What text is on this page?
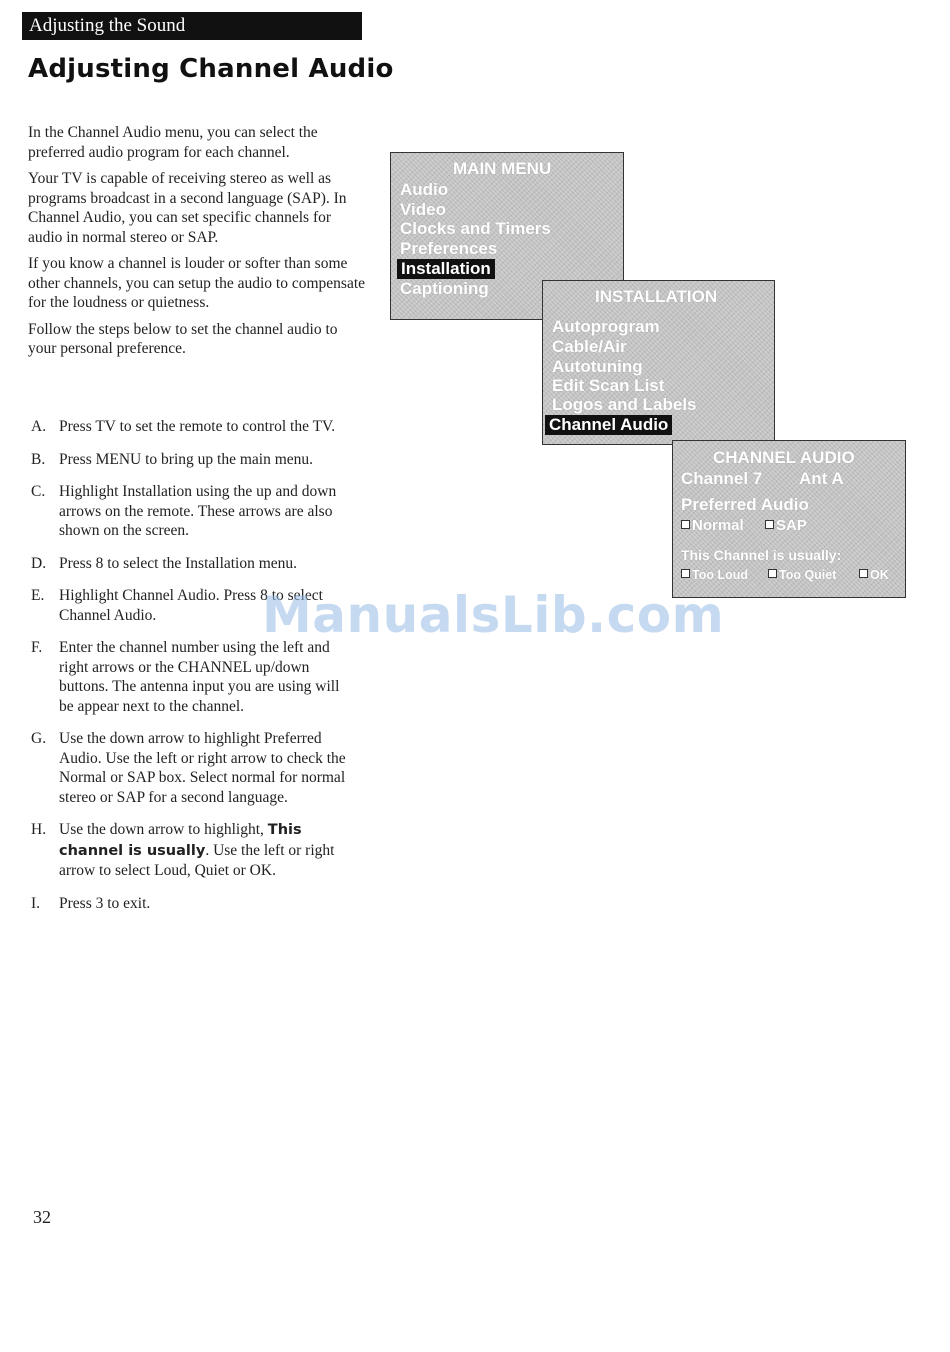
Adjusting the Sound
Adjusting Channel Audio

In the Channel Audio menu, you can select the preferred audio program for each channel.

Your TV is capable of receiving stereo as well as programs broadcast in a second language (SAP). In Channel Audio, you can set specific channels for audio in normal stereo or SAP.

If you know a channel is louder or softer than some other channels, you can setup the audio to compensate for the loudness or quietness.

Follow the steps below to set the channel audio to your personal preference.

A. Press TV to set the remote to control the TV.
B. Press MENU to bring up the main menu.
C. Highlight Installation using the up and down arrows on the remote. These arrows are also shown on the screen.
D. Press 8 to select the Installation menu.
E. Highlight Channel Audio. Press 8 to select Channel Audio.
F. Enter the channel number using the left and right arrows or the CHANNEL up/down buttons. The antenna input you are using will be appear next to the channel.
G. Use the down arrow to highlight Preferred Audio. Use the left or right arrow to check the Normal or SAP box. Select normal for normal stereo or SAP for a second language.
H. Use the down arrow to highlight, This channel is usually. Use the left or right arrow to select Loud, Quiet or OK.
I. Press 3 to exit.
32
MAIN MENU
Audio
Video
Clocks and Timers
Preferences
Installation
Captioning	INSTALLATION
Autoprogram
Cable/Air
Autotuning
Edit Scan List
Logos and Labels
Channel Audio
CHANNEL AUDIO
Channel 7 Ant A
Preferred Audio
Normal	SAP
This Channel is usually:
Too Loud	Too Quiet	OK
ManualsLib.com
